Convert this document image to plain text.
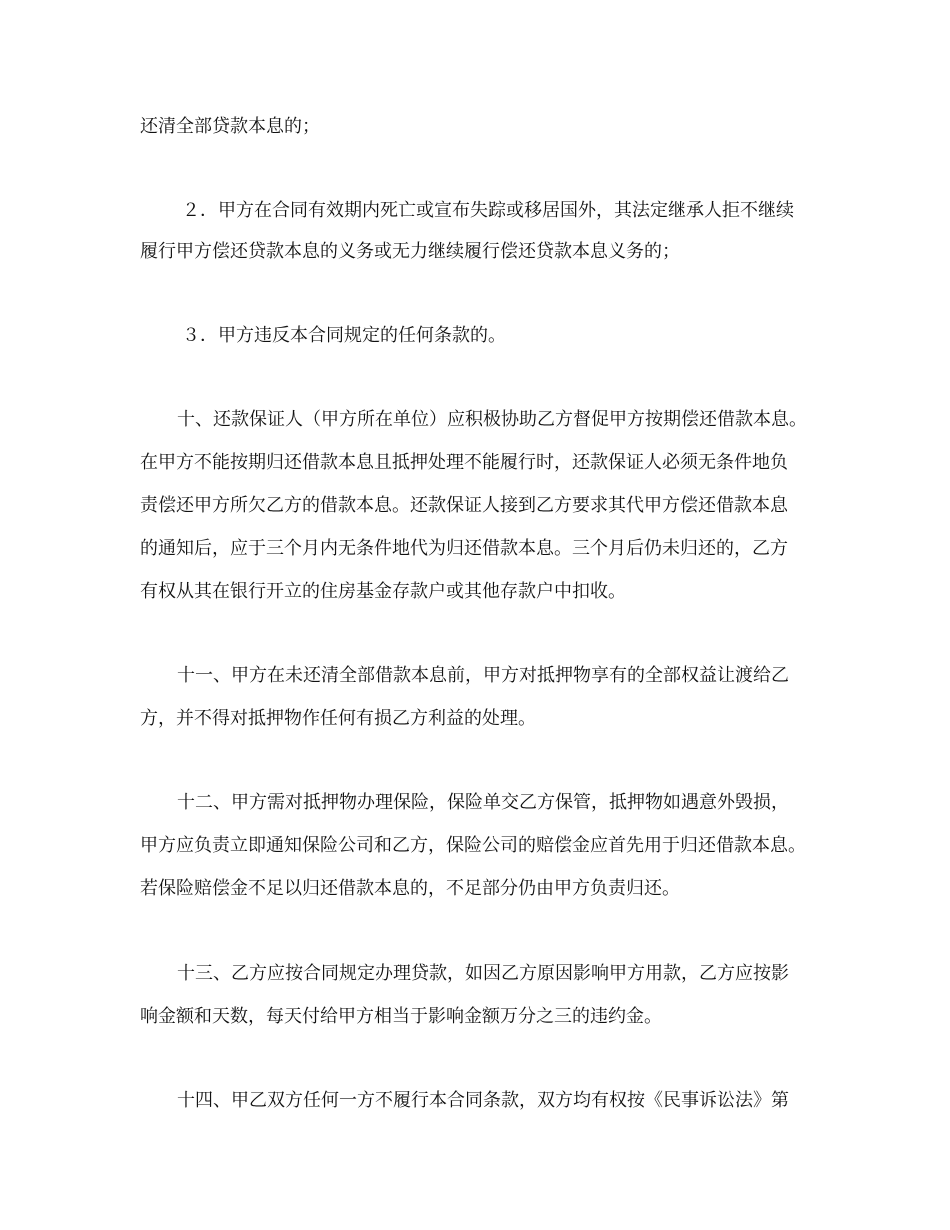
还清全部贷款本息的；
２．甲方在合同有效期内死亡或宣布失踪或移居国外，其法定继承人拒不继续
履行甲方偿还贷款本息的义务或无力继续履行偿还贷款本息义务的；
３．甲方违反本合同规定的任何条款的。
十、还款保证人（甲方所在单位）应积极协助乙方督促甲方按期偿还借款本息。
在甲方不能按期归还借款本息且抵押处理不能履行时，还款保证人必须无条件地负
责偿还甲方所欠乙方的借款本息。还款保证人接到乙方要求其代甲方偿还借款本息
的通知后，应于三个月内无条件地代为归还借款本息。三个月后仍未归还的，乙方
有权从其在银行开立的住房基金存款户或其他存款户中扣收。
十一、甲方在未还清全部借款本息前，甲方对抵押物享有的全部权益让渡给乙
方，并不得对抵押物作任何有损乙方利益的处理。
十二、甲方需对抵押物办理保险，保险单交乙方保管，抵押物如遇意外毁损，
甲方应负责立即通知保险公司和乙方，保险公司的赔偿金应首先用于归还借款本息。
若保险赔偿金不足以归还借款本息的，不足部分仍由甲方负责归还。
十三、乙方应按合同规定办理贷款，如因乙方原因影响甲方用款，乙方应按影
响金额和天数，每天付给甲方相当于影响金额万分之三的违约金。
十四、甲乙双方任何一方不履行本合同条款，双方均有权按《民事诉讼法》第
